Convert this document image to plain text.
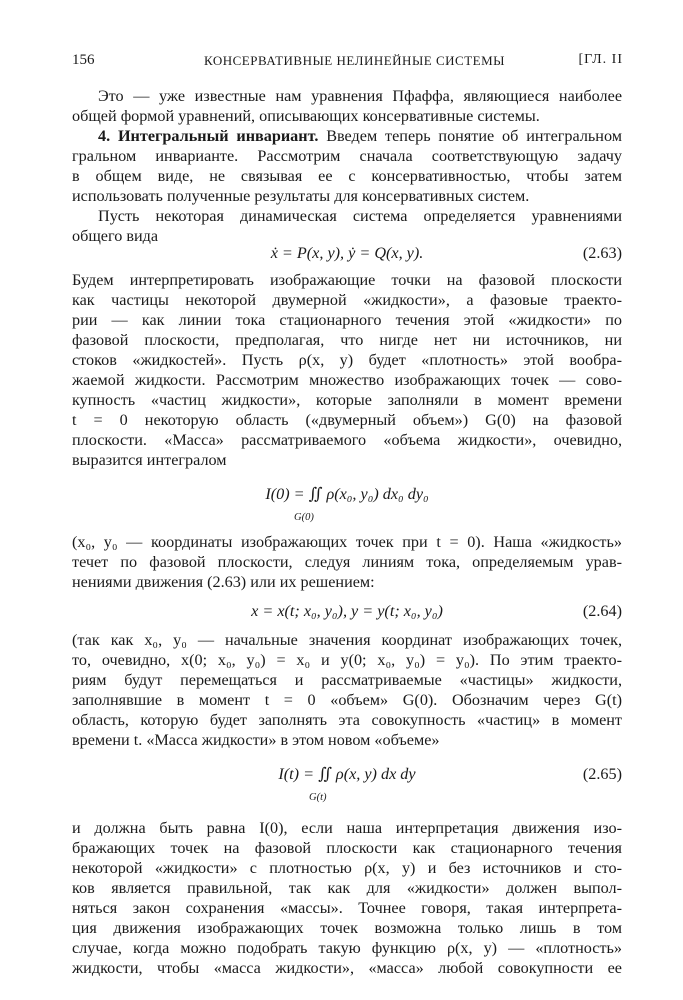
156	КОНСЕРВАТИВНЫЕ НЕЛИНЕЙНЫЕ СИСТЕМЫ	[ГЛ. II
Это — уже известные нам уравнения Пфаффа, являющиеся наиболее
общей формой уравнений, описывающих консервативные системы.
4. Интегральный инвариант. Введем теперь понятие об интегральном
гральном инварианте. Рассмотрим сначала соответствующую задачу
в общем виде, не связывая ее с консервативностью, чтобы затем
использовать полученные результаты для консервативных систем.
Пусть некоторая динамическая система определяется уравнениями
общего вида
ẋ = P(x, y), ẏ = Q(x, y).	(2.63)
Будем интерпретировать изображающие точки на фазовой плоскости
как частицы некоторой двумерной «жидкости», а фазовые траекто-
рии — как линии тока стационарного течения этой «жидкости» по
фазовой плоскости, предполагая, что нигде нет ни источников, ни
стоков «жидкостей». Пусть ρ(x, y) будет «плотность» этой вообра-
жаемой жидкости. Рассмотрим множество изображающих точек — сово-
купность «частиц жидкости», которые заполняли в момент времени
t = 0 некоторую область («двумерный объем») G(0) на фазовой
плоскости. «Масса» рассматриваемого «объема жидкости», очевидно,
выразится интегралом
I(0) = ∬ ρ(x₀, y₀) dx₀ dy₀
G(0)
(x₀, y₀ — координаты изображающих точек при t = 0). Наша «жидкость»
течет по фазовой плоскости, следуя линиям тока, определяемым урав-
нениями движения (2.63) или их решением:
x = x(t; x₀, y₀), y = y(t; x₀, y₀)	(2.64)
(так как x₀, y₀ — начальные значения координат изображающих точек,
то, очевидно, x(0; x₀, y₀) = x₀ и y(0; x₀, y₀) = y₀). По этим траекто-
риям будут перемещаться и рассматриваемые «частицы» жидкости,
заполнявшие в момент t = 0 «объем» G(0). Обозначим через G(t)
область, которую будет заполнять эта совокупность «частиц» в момент
времени t. «Масса жидкости» в этом новом «объеме»
I(t) = ∬ ρ(x, y) dx dy
G(t)
(2.65)
и должна быть равна I(0), если наша интерпретация движения изо-
бражающих точек на фазовой плоскости как стационарного течения
некоторой «жидкости» с плотностью ρ(x, y) и без источников и сто-
ков является правильной, так как для «жидкости» должен выпол-
няться закон сохранения «массы». Точнее говоря, такая интерпрета-
ция движения изображающих точек возможна только лишь в том
случае, когда можно подобрать такую функцию ρ(x, y) — «плотность»
жидкости, чтобы «масса жидкости», «масса» любой совокупности ее
